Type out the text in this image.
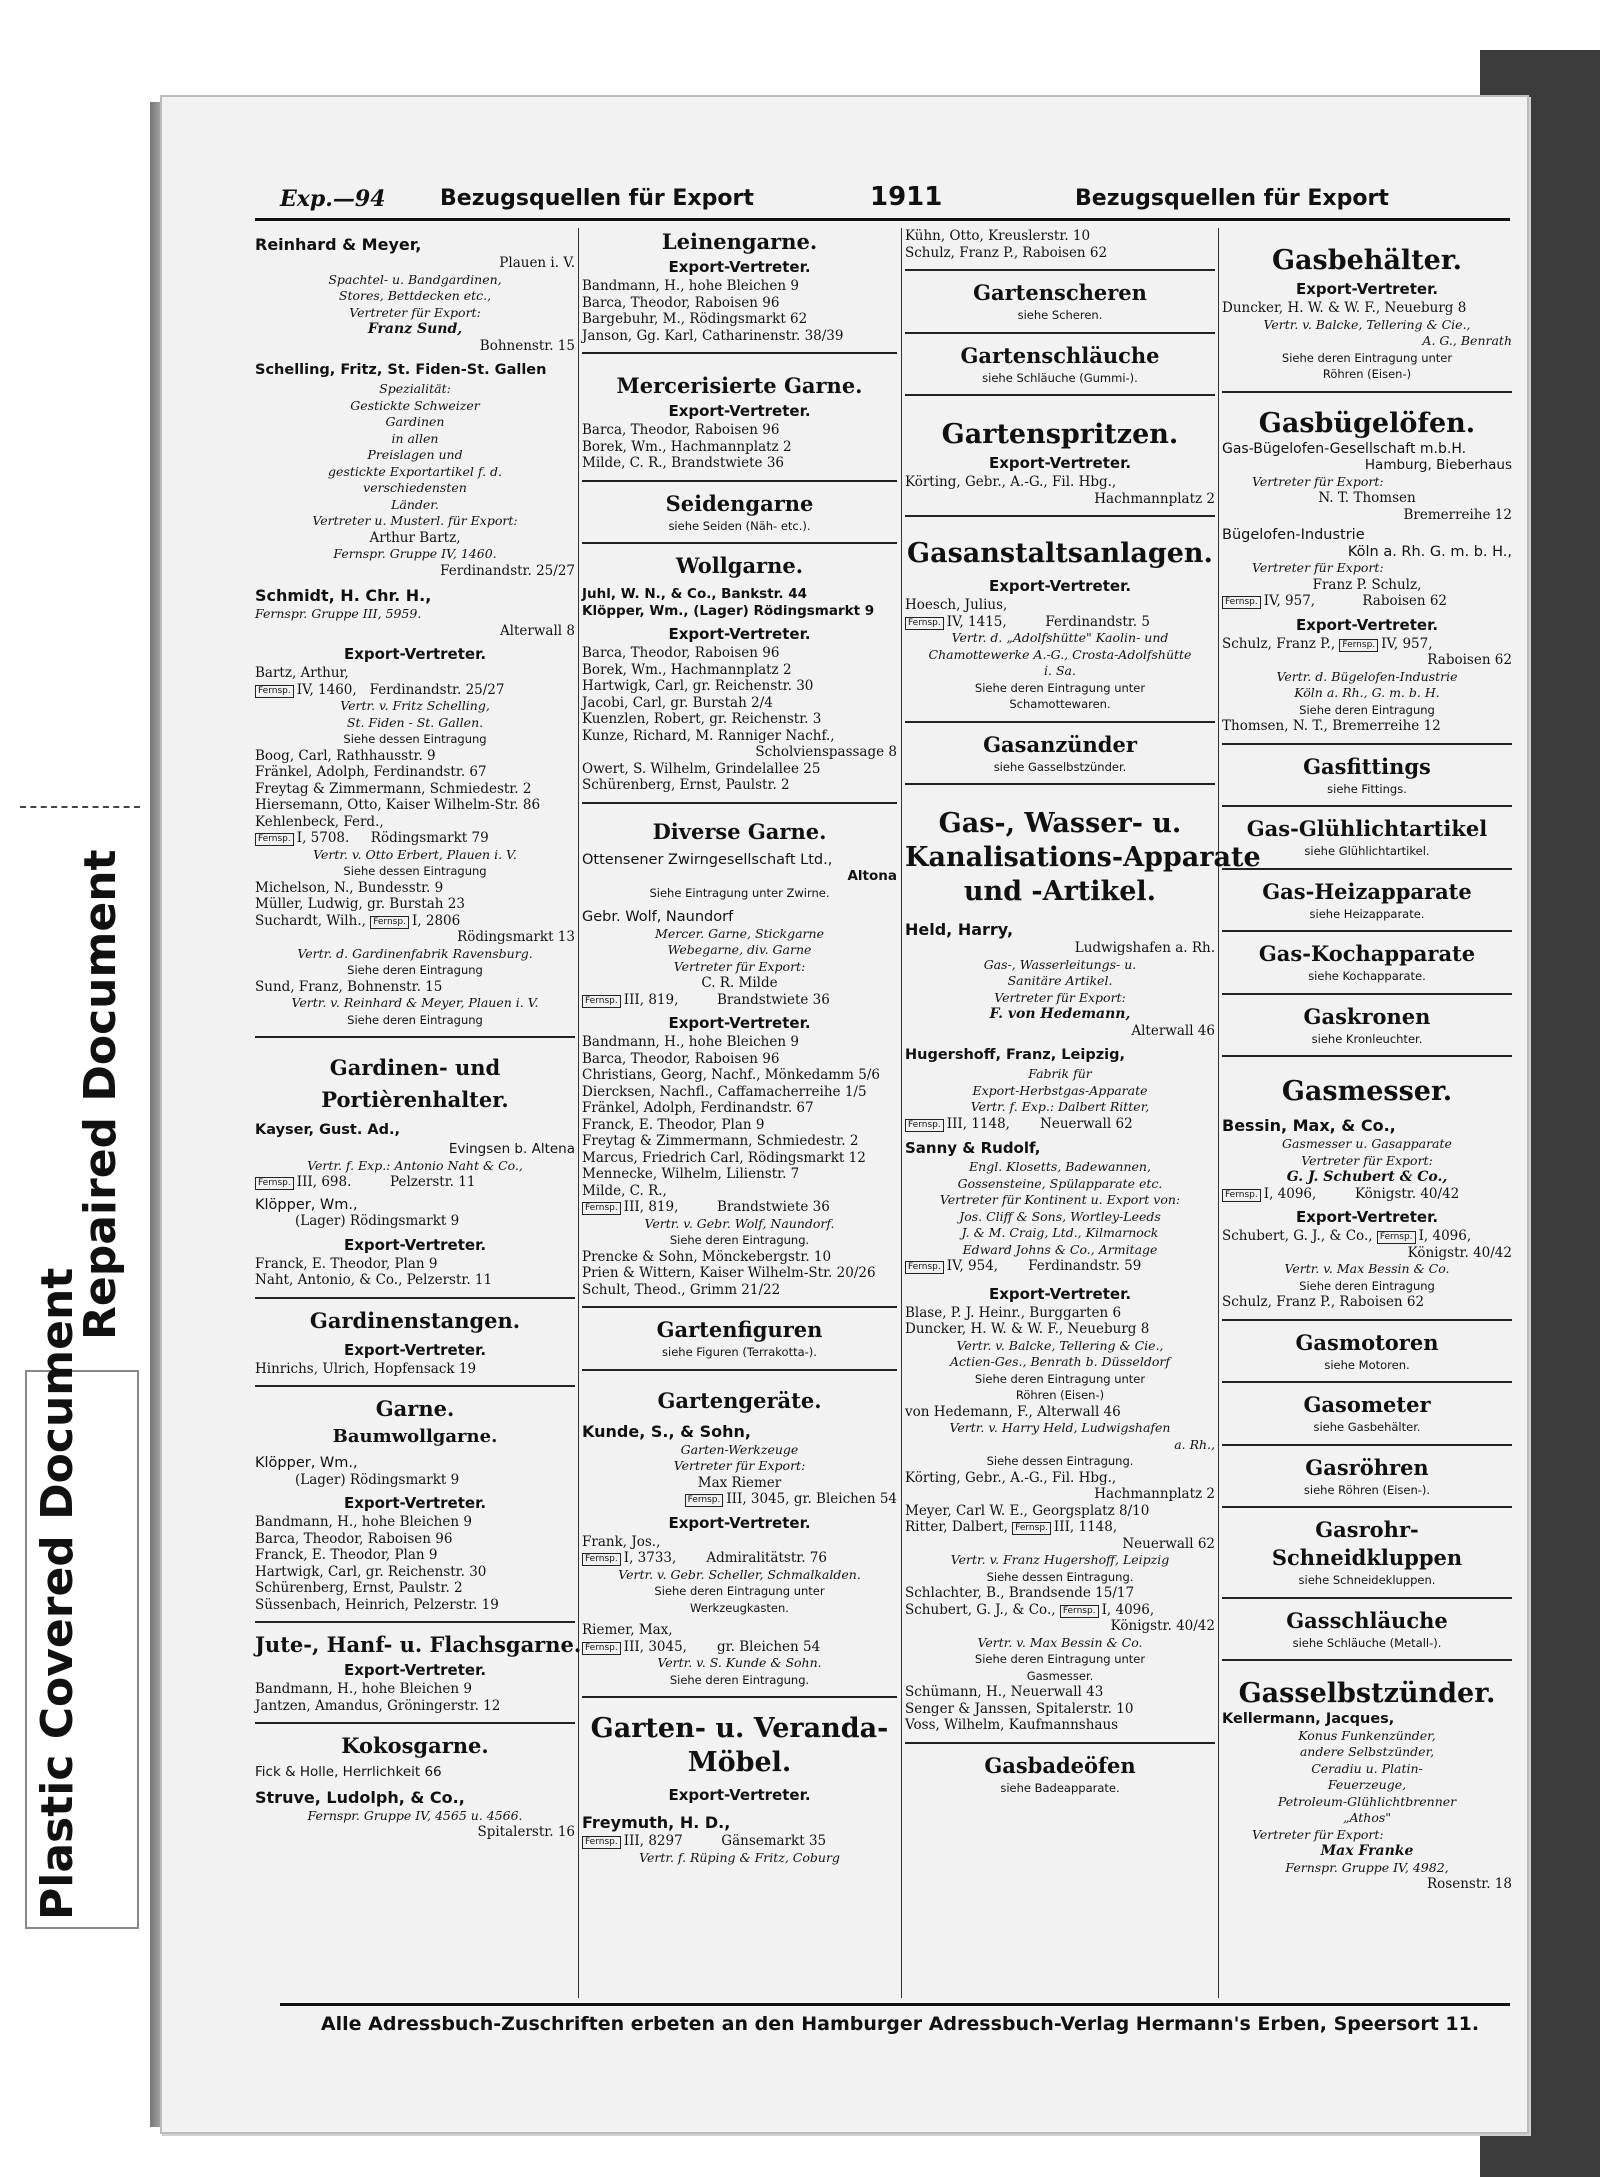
Repaired Document
Plastic Covered Document
Exp.—94 Bezugsquellen für Export	1911	Bezugsquellen für Export
Reinhard & Meyer,
Plauen i. V.
Spachtel- u. Bandgardinen,
Stores, Bettdecken etc.,
Vertreter für Export:
Franz Sund,
Bohnenstr. 15
Schelling, Fritz, St. Fiden-St. Gallen
Spezialität:
Gestickte Schweizer
Gardinen
in allen
Preislagen und
gestickte Exportartikel f. d.
verschiedensten
Länder.
Vertreter u. Musterl. für Export:
Arthur Bartz,
Fernspr. Gruppe IV, 1460.
Ferdinandstr. 25/27
Schmidt, H. Chr. H.,
Fernspr. Gruppe III, 5959.
Alterwall 8
Export-Vertreter.
Bartz, Arthur,
Fernsp. IV, 1460, Ferdinandstr. 25/27
Vertr. v. Fritz Schelling,
St. Fiden - St. Gallen.
Siehe dessen Eintragung
Boog, Carl, Rathhausstr. 9
Fränkel, Adolph, Ferdinandstr. 67
Freytag & Zimmermann, Schmiedestr. 2
Hiersemann, Otto, Kaiser Wilhelm-Str. 86
Kehlenbeck, Ferd.,
Fernsp. I, 5708. Rödingsmarkt 79
Vertr. v. Otto Erbert, Plauen i. V.
Siehe dessen Eintragung
Michelson, N., Bundesstr. 9
Müller, Ludwig, gr. Burstah 23
Suchardt, Wilh., Fernsp. I, 2806
Rödingsmarkt 13
Vertr. d. Gardinenfabrik Ravensburg.
Siehe deren Eintragung
Sund, Franz, Bohnenstr. 15
Vertr. v. Reinhard & Meyer, Plauen i. V.
Siehe deren Eintragung
Gardinen- und
Portièrenhalter.
Kayser, Gust. Ad.,
Evingsen b. Altena
Vertr. f. Exp.: Antonio Naht & Co.,
Fernsp. III, 698.	Pelzerstr. 11
Klöpper, Wm.,
(Lager) Rödingsmarkt 9
Export-Vertreter.
Franck, E. Theodor, Plan 9
Naht, Antonio, & Co., Pelzerstr. 11
Gardinenstangen.
Export-Vertreter.
Hinrichs, Ulrich, Hopfensack 19
Garne.
Baumwollgarne.
Klöpper, Wm.,
(Lager) Rödingsmarkt 9
Export-Vertreter.
Bandmann, H., hohe Bleichen 9
Barca, Theodor, Raboisen 96
Franck, E. Theodor, Plan 9
Hartwigk, Carl, gr. Reichenstr. 30
Schürenberg, Ernst, Paulstr. 2
Süssenbach, Heinrich, Pelzerstr. 19
Jute-, Hanf- u. Flachsgarne.
Export-Vertreter.
Bandmann, H., hohe Bleichen 9
Jantzen, Amandus, Gröningerstr. 12
Kokosgarne.
Fick & Holle, Herrlichkeit 66
Struve, Ludolph, & Co.,
Fernspr. Gruppe IV, 4565 u. 4566.
Spitalerstr. 16
Leinengarne.
Export-Vertreter.
Bandmann, H., hohe Bleichen 9
Barca, Theodor, Raboisen 96
Bargebuhr, M., Rödingsmarkt 62
Janson, Gg. Karl, Catharinenstr. 38/39
Mercerisierte Garne.
Export-Vertreter.
Barca, Theodor, Raboisen 96
Borek, Wm., Hachmannplatz 2
Milde, C. R., Brandstwiete 36
Seidengarne
siehe Seiden (Näh- etc.).
Wollgarne.
Juhl, W. N., & Co., Bankstr. 44
Klöpper, Wm., (Lager) Rödingsmarkt 9
Export-Vertreter.
Barca, Theodor, Raboisen 96
Borek, Wm., Hachmannplatz 2
Hartwigk, Carl, gr. Reichenstr. 30
Jacobi, Carl, gr. Burstah 2/4
Kuenzlen, Robert, gr. Reichenstr. 3
Kunze, Richard, M. Ranniger Nachf.,
Scholvienspassage 8
Owert, S. Wilhelm, Grindelallee 25
Schürenberg, Ernst, Paulstr. 2
Diverse Garne.
Ottensener Zwirngesellschaft Ltd.,
Altona
Siehe Eintragung unter Zwirne.
Gebr. Wolf, Naundorf
Mercer. Garne, Stickgarne
Webegarne, div. Garne
Vertreter für Export:
C. R. Milde
Fernsp. III, 819,	Brandstwiete 36
Export-Vertreter.
Bandmann, H., hohe Bleichen 9
Barca, Theodor, Raboisen 96
Christians, Georg, Nachf., Mönkedamm 5/6
Diercksen, Nachfl., Caffamacherreihe 1/5
Fränkel, Adolph, Ferdinandstr. 67
Franck, E. Theodor, Plan 9
Freytag & Zimmermann, Schmiedestr. 2
Marcus, Friedrich Carl, Rödingsmarkt 12
Mennecke, Wilhelm, Lilienstr. 7
Milde, C. R.,
Fernsp. III, 819,	Brandstwiete 36
Vertr. v. Gebr. Wolf, Naundorf.
Siehe deren Eintragung.
Prencke & Sohn, Mönckebergstr. 10
Prien & Wittern, Kaiser Wilhelm-Str. 20/26
Schult, Theod., Grimm 21/22
Gartenfiguren
siehe Figuren (Terrakotta-).
Gartengeräte.
Kunde, S., & Sohn,
Garten-Werkzeuge
Vertreter für Export:
Max Riemer
Fernsp. III, 3045, gr. Bleichen 54
Export-Vertreter.
Frank, Jos.,
Fernsp. I, 3733, Admiralitätstr. 76
Vertr. v. Gebr. Scheller, Schmalkalden.
Siehe deren Eintragung unter
Werkzeugkasten.
Riemer, Max,
Fernsp. III, 3045, gr. Bleichen 54
Vertr. v. S. Kunde & Sohn.
Siehe deren Eintragung.
Garten- u. Veranda-
Möbel.
Export-Vertreter.
Freymuth, H. D.,
Fernsp. III, 8297	Gänsemarkt 35
Vertr. f. Rüping & Fritz, Coburg
Kühn, Otto, Kreuslerstr. 10
Schulz, Franz P., Raboisen 62
Gartenscheren
siehe Scheren.
Gartenschläuche
siehe Schläuche (Gummi-).
Gartenspritzen.
Export-Vertreter.
Körting, Gebr., A.-G., Fil. Hbg.,
Hachmannplatz 2
Gasanstaltsanlagen.
Export-Vertreter.
Hoesch, Julius,
Fernsp. IV, 1415,	Ferdinandstr. 5
Vertr. d. „Adolfshütte" Kaolin- und
Chamottewerke A.-G., Crosta-Adolfshütte
i. Sa.
Siehe deren Eintragung unter
Schamottewaren.
Gasanzünder
siehe Gasselbstzünder.
Gas-, Wasser- u.
Kanalisations-Apparate
und -Artikel.
Held, Harry,
Ludwigshafen a. Rh.
Gas-, Wasserleitungs- u.
Sanitäre Artikel.
Vertreter für Export:
F. von Hedemann,
Alterwall 46
Hugershoff, Franz, Leipzig,
Fabrik für
Export-Herbstgas-Apparate
Vertr. f. Exp.: Dalbert Ritter,
Fernsp. III, 1148, Neuerwall 62
Sanny & Rudolf,
Engl. Klosetts, Badewannen,
Gossensteine, Spülapparate etc.
Vertreter für Kontinent u. Export von:
Jos. Cliff & Sons, Wortley-Leeds
J. & M. Craig, Ltd., Kilmarnock
Edward Johns & Co., Armitage
Fernsp. IV, 954, Ferdinandstr. 59
Export-Vertreter.
Blase, P. J. Heinr., Burggarten 6
Duncker, H. W. & W. F., Neueburg 8
Vertr. v. Balcke, Tellering & Cie.,
Actien-Ges., Benrath b. Düsseldorf
Siehe deren Eintragung unter
Röhren (Eisen-)
von Hedemann, F., Alterwall 46
Vertr. v. Harry Held, Ludwigshafen
a. Rh.,
Siehe dessen Eintragung.
Körting, Gebr., A.-G., Fil. Hbg.,
Hachmannplatz 2
Meyer, Carl W. E., Georgsplatz 8/10
Ritter, Dalbert, Fernsp. III, 1148,
Neuerwall 62
Vertr. v. Franz Hugershoff, Leipzig
Siehe dessen Eintragung.
Schlachter, B., Brandsende 15/17
Schubert, G. J., & Co., Fernsp. I, 4096,
Königstr. 40/42
Vertr. v. Max Bessin & Co.
Siehe deren Eintragung unter
Gasmesser.
Schümann, H., Neuerwall 43
Senger & Janssen, Spitalerstr. 10
Voss, Wilhelm, Kaufmannshaus
Gasbadeöfen
siehe Badeapparate.
Gasbehälter.
Export-Vertreter.
Duncker, H. W. & W. F., Neueburg 8
Vertr. v. Balcke, Tellering & Cie.,
A. G., Benrath
Siehe deren Eintragung unter
Röhren (Eisen-)
Gasbügelöfen.
Gas-Bügelofen-Gesellschaft m.b.H.
Hamburg, Bieberhaus
Vertreter für Export:
N. T. Thomsen
Bremerreihe 12
Bügelofen-Industrie
Köln a. Rh. G. m. b. H.,
Vertreter für Export:
Franz P. Schulz,
Fernsp. IV, 957,	Raboisen 62
Export-Vertreter.
Schulz, Franz P., Fernsp. IV, 957,
Raboisen 62
Vertr. d. Bügelofen-Industrie
Köln a. Rh., G. m. b. H.
Siehe deren Eintragung
Thomsen, N. T., Bremerreihe 12
Gasfittings
siehe Fittings.
Gas-Glühlichtartikel
siehe Glühlichtartikel.
Gas-Heizapparate
siehe Heizapparate.
Gas-Kochapparate
siehe Kochapparate.
Gaskronen
siehe Kronleuchter.
Gasmesser.
Bessin, Max, & Co.,
Gasmesser u. Gasapparate
Vertreter für Export:
G. J. Schubert & Co.,
Fernsp. I, 4096,	Königstr. 40/42
Export-Vertreter.
Schubert, G. J., & Co., Fernsp. I, 4096,
Königstr. 40/42
Vertr. v. Max Bessin & Co.
Siehe deren Eintragung
Schulz, Franz P., Raboisen 62
Gasmotoren
siehe Motoren.
Gasometer
siehe Gasbehälter.
Gasröhren
siehe Röhren (Eisen-).
Gasrohr-
Schneidkluppen
siehe Schneidekluppen.
Gasschläuche
siehe Schläuche (Metall-).
Gasselbstzünder.
Kellermann, Jacques,
Konus Funkenzünder,
andere Selbstzünder,
Ceradiu u. Platin-
Feuerzeuge,
Petroleum-Glühlichtbrenner
„Athos"
Vertreter für Export:
Max Franke
Fernspr. Gruppe IV, 4982,
Rosenstr. 18
Alle Adressbuch-Zuschriften erbeten an den Hamburger Adressbuch-Verlag Hermann's Erben, Speersort 11.
